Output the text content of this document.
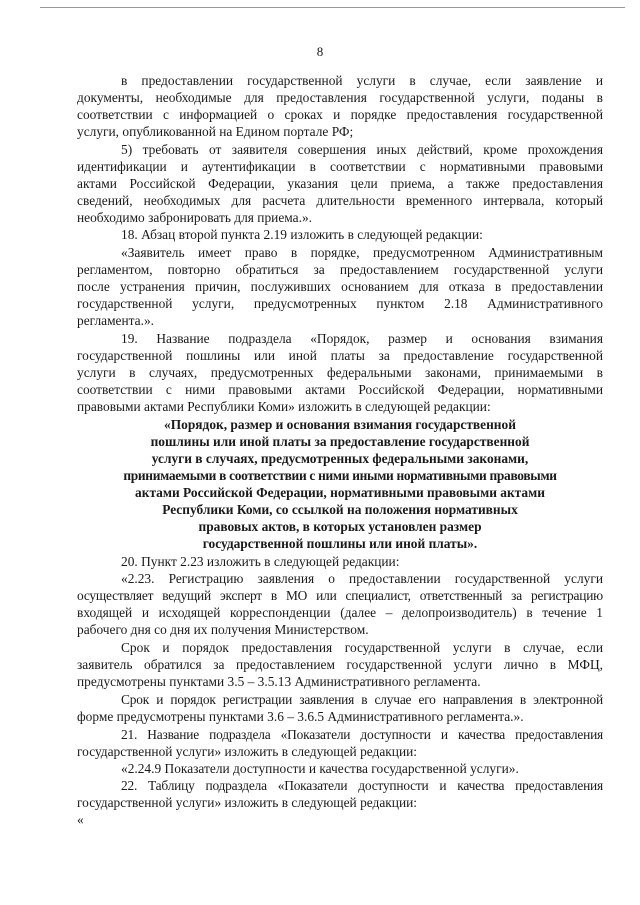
8

в предоставлении государственной услуги в случае, если заявление и

документы, необходимые для предоставления государственной услуги, поданы в

соответствии с информацией о сроках и порядке предоставления государственной

услуги, опубликованной на Едином портале РФ;

5) требовать от заявителя совершения иных действий, кроме прохождения

идентификации и аутентификации в соответствии с нормативными правовыми

актами Российской Федерации, указания цели приема, а также предоставления

сведений, необходимых для расчета длительности временного интервала, который

необходимо забронировать для приема.».

18. Абзац второй пункта 2.19 изложить в следующей редакции:

«Заявитель имеет право в порядке, предусмотренном Административным

регламентом, повторно обратиться за предоставлением государственной услуги

после устранения причин, послуживших основанием для отказа в предоставлении

государственной услуги, предусмотренных пунктом 2.18 Административного

регламента.».

19. Название подраздела «Порядок, размер и основания взимания

государственной пошлины или иной платы за предоставление государственной

услуги в случаях, предусмотренных федеральными законами, принимаемыми в

соответствии с ними правовыми актами Российской Федерации, нормативными

правовыми актами Республики Коми» изложить в следующей редакции:

«Порядок, размер и основания взимания государственной

пошлины или иной платы за предоставление государственной

услуги в случаях, предусмотренных федеральными законами,

принимаемыми в соответствии с ними иными нормативными правовыми

актами Российской Федерации, нормативными правовыми актами

Республики Коми, со ссылкой на положения нормативных

правовых актов, в которых установлен размер

государственной пошлины или иной платы».

20. Пункт 2.23 изложить в следующей редакции:

«2.23. Регистрацию заявления о предоставлении государственной услуги

осуществляет ведущий эксперт в МО или специалист, ответственный за регистрацию

входящей и исходящей корреспонденции (далее – делопроизводитель) в течение 1

рабочего дня со дня их получения Министерством.

Срок и порядок предоставления государственной услуги в случае, если

заявитель обратился за предоставлением государственной услуги лично в МФЦ,

предусмотрены пунктами 3.5 – 3.5.13 Административного регламента.

Срок и порядок регистрации заявления в случае его направления в электронной

форме предусмотрены пунктами 3.6 – 3.6.5 Административного регламента.».

21. Название подраздела «Показатели доступности и качества предоставления

государственной услуги» изложить в следующей редакции:

«2.24.9 Показатели доступности и качества государственной услуги».

22. Таблицу подраздела «Показатели доступности и качества предоставления

государственной услуги» изложить в следующей редакции:

«
